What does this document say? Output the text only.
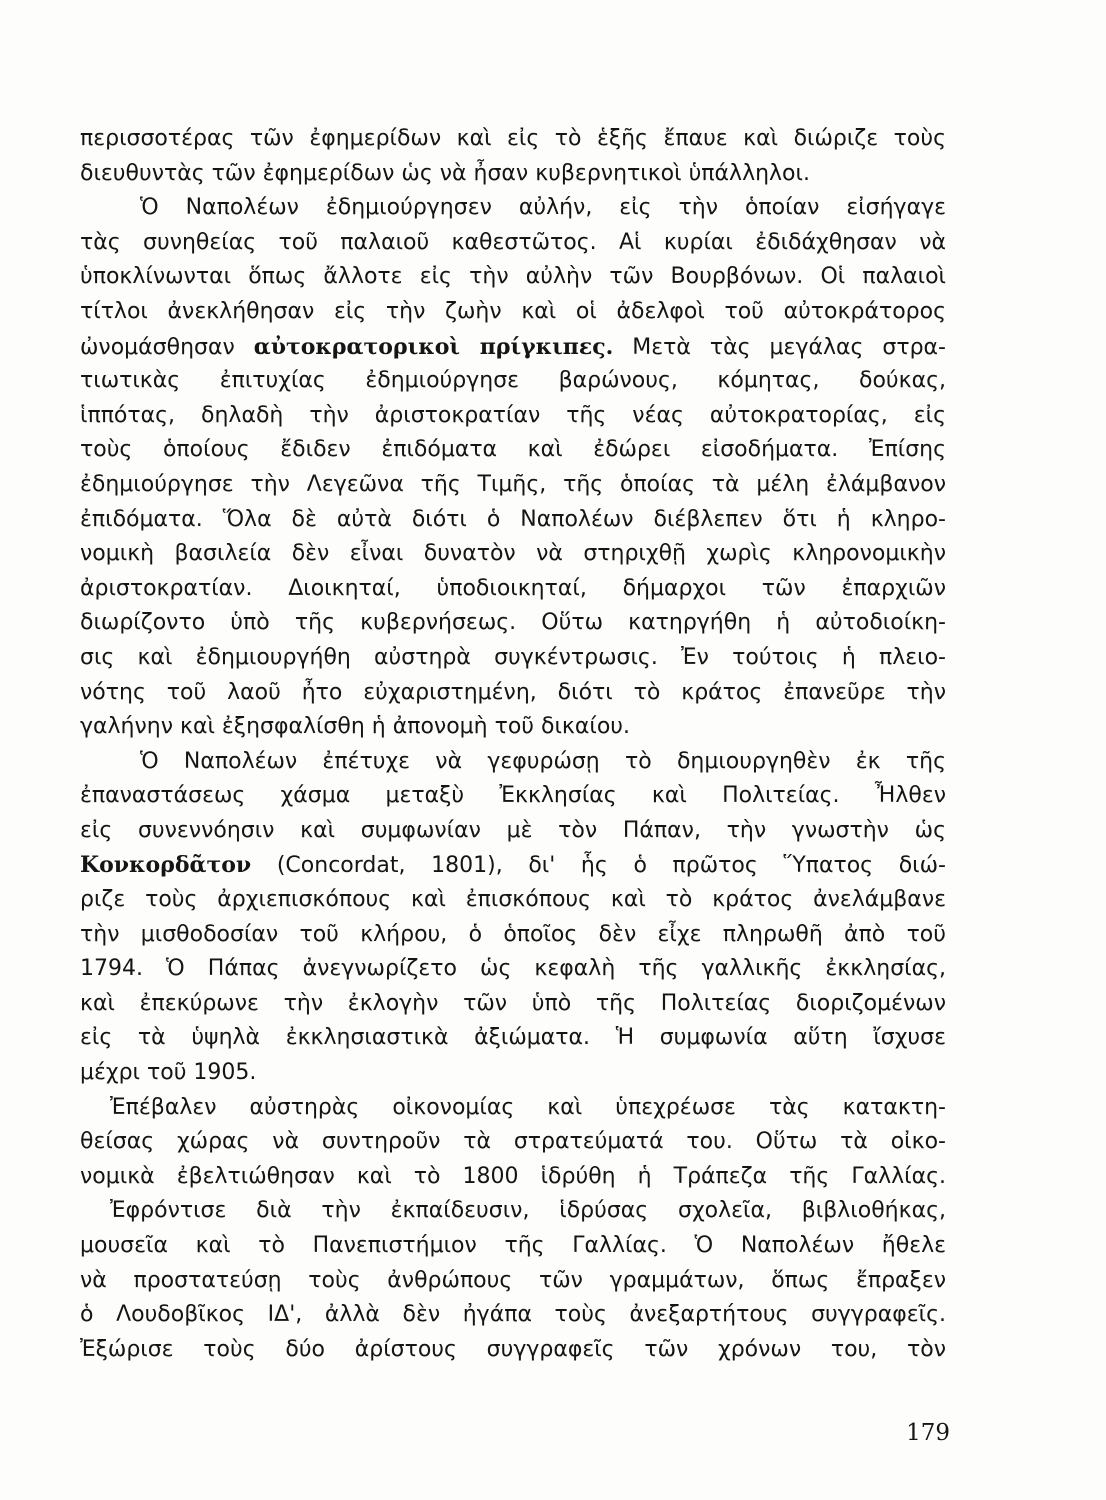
περισσοτέρας τῶν ἐφημερίδων καὶ εἰς τὸ ἑξῆς ἔπαυε καὶ διώριζε τοὺς
διευθυντὰς τῶν ἐφημερίδων ὡς νὰ ἦσαν κυβερνητικοὶ ὑπάλληλοι.
Ὁ Ναπολέων ἐδημιούργησεν αὐλήν, εἰς τὴν ὁποίαν εἰσήγαγε
τὰς συνηθείας τοῦ παλαιοῦ καθεστῶτος. Αἱ κυρίαι ἐδιδάχθησαν νὰ
ὑποκλίνωνται ὅπως ἄλλοτε εἰς τὴν αὐλὴν τῶν Βουρβόνων. Οἱ παλαιοὶ
τίτλοι ἀνεκλήθησαν εἰς τὴν ζωὴν καὶ οἱ ἀδελφοὶ τοῦ αὐτοκράτορος
ὠνομάσθησαν αὐτοκρατορικοὶ πρίγκιπες. Μετὰ τὰς μεγάλας στρα-
τιωτικὰς ἐπιτυχίας ἐδημιούργησε βαρώνους, κόμητας, δούκας,
ἱππότας, δηλαδὴ τὴν ἀριστοκρατίαν τῆς νέας αὐτοκρατορίας, εἰς
τοὺς ὁποίους ἔδιδεν ἐπιδόματα καὶ ἐδώρει εἰσοδήματα. Ἐπίσης
ἐδημιούργησε τὴν Λεγεῶνα τῆς Τιμῆς, τῆς ὁποίας τὰ μέλη ἐλάμβανον
ἐπιδόματα. Ὅλα δὲ αὐτὰ διότι ὁ Ναπολέων διέβλεπεν ὅτι ἡ κληρο-
νομικὴ βασιλεία δὲν εἶναι δυνατὸν νὰ στηριχθῇ χωρὶς κληρονομικὴν
ἀριστοκρατίαν. Διοικηταί, ὑποδιοικηταί, δήμαρχοι τῶν ἐπαρχιῶν
διωρίζοντο ὑπὸ τῆς κυβερνήσεως. Οὕτω κατηργήθη ἡ αὐτοδιοίκη-
σις καὶ ἐδημιουργήθη αὐστηρὰ συγκέντρωσις. Ἐν τούτοις ἡ πλειο-
νότης τοῦ λαοῦ ἦτο εὐχαριστημένη, διότι τὸ κράτος ἐπανεῦρε τὴν
γαλήνην καὶ ἐξησφαλίσθη ἡ ἀπονομὴ τοῦ δικαίου.
Ὁ Ναπολέων ἐπέτυχε νὰ γεφυρώσῃ τὸ δημιουργηθὲν ἐκ τῆς
ἐπαναστάσεως χάσμα μεταξὺ Ἐκκλησίας καὶ Πολιτείας. Ἦλθεν
εἰς συνεννόησιν καὶ συμφωνίαν μὲ τὸν Πάπαν, τὴν γνωστὴν ὡς
Κονκορδᾶτον (Concordat, 1801), δι' ἧς ὁ πρῶτος Ὕπατος διώ-
ριζε τοὺς ἀρχιεπισκόπους καὶ ἐπισκόπους καὶ τὸ κράτος ἀνελάμβανε
τὴν μισθοδοσίαν τοῦ κλήρου, ὁ ὁποῖος δὲν εἶχε πληρωθῆ ἀπὸ τοῦ
1794. Ὁ Πάπας ἀνεγνωρίζετο ὡς κεφαλὴ τῆς γαλλικῆς ἐκκλησίας,
καὶ ἐπεκύρωνε τὴν ἐκλογὴν τῶν ὑπὸ τῆς Πολιτείας διοριζομένων
εἰς τὰ ὑψηλὰ ἐκκλησιαστικὰ ἀξιώματα. Ἡ συμφωνία αὕτη ἴσχυσε
μέχρι τοῦ 1905.
Ἐπέβαλεν αὐστηρὰς οἰκονομίας καὶ ὑπεχρέωσε τὰς κατακτη-
θείσας χώρας νὰ συντηροῦν τὰ στρατεύματά του. Οὕτω τὰ οἰκο-
νομικὰ ἐβελτιώθησαν καὶ τὸ 1800 ἱδρύθη ἡ Τράπεζα τῆς Γαλλίας.
Ἐφρόντισε διὰ τὴν ἐκπαίδευσιν, ἱδρύσας σχολεῖα, βιβλιοθήκας,
μουσεῖα καὶ τὸ Πανεπιστήμιον τῆς Γαλλίας. Ὁ Ναπολέων ἤθελε
νὰ προστατεύσῃ τοὺς ἀνθρώπους τῶν γραμμάτων, ὅπως ἔπραξεν
ὁ Λουδοβῖκος ΙΔ', ἀλλὰ δὲν ἠγάπα τοὺς ἀνεξαρτήτους συγγραφεῖς.
Ἐξώρισε τοὺς δύο ἀρίστους συγγραφεῖς τῶν χρόνων του, τὸν
179
